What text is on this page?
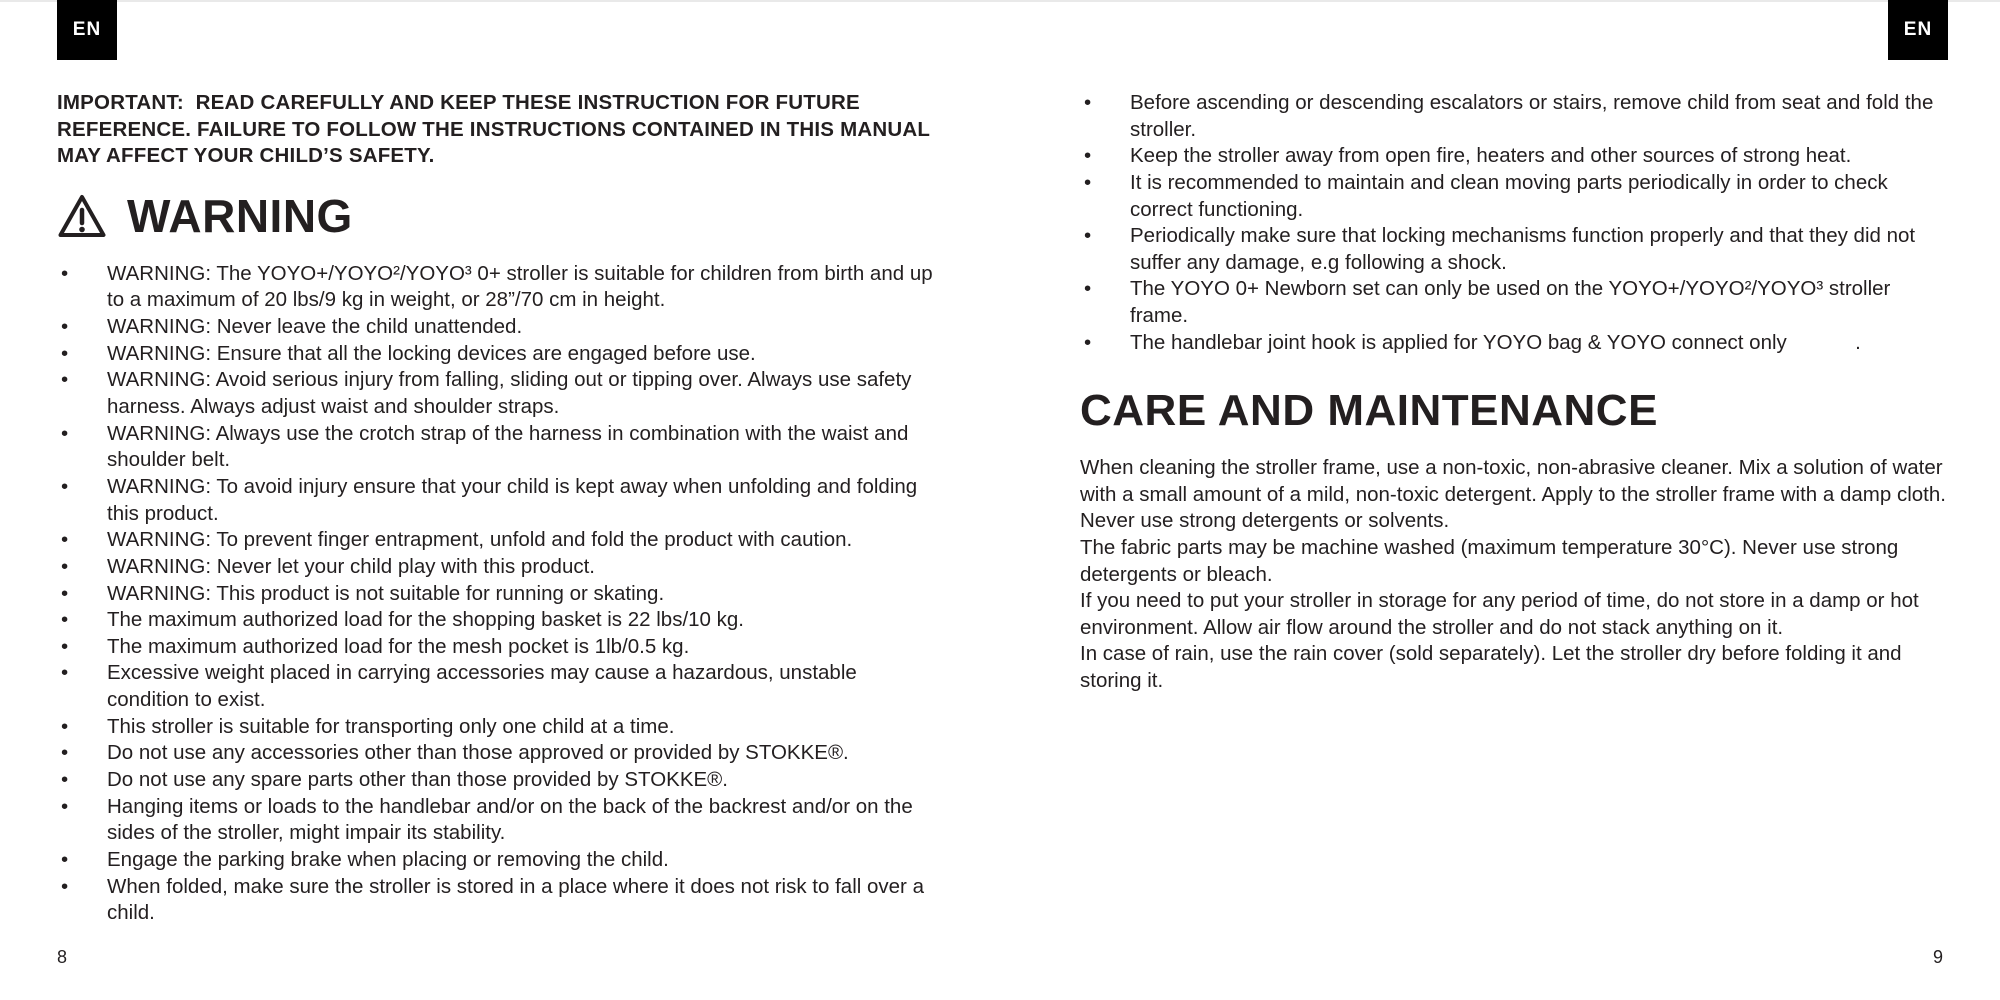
EN	EN

IMPORTANT:  READ CAREFULLY AND KEEP THESE INSTRUCTION FOR FUTURE REFERENCE. FAILURE TO FOLLOW THE INSTRUCTIONS CONTAINED IN THIS MANUAL MAY AFFECT YOUR CHILD’S SAFETY.

WARNING
• WARNING: The YOYO+/YOYO²/YOYO³ 0+ stroller is suitable for children from birth and up to a maximum of 20 lbs/9 kg in weight, or 28”/70 cm in height.
• WARNING: Never leave the child unattended.
• WARNING: Ensure that all the locking devices are engaged before use.
• WARNING: Avoid serious injury from falling, sliding out or tipping over. Always use safety harness. Always adjust waist and shoulder straps.
• WARNING: Always use the crotch strap of the harness in combination with the waist and shoulder belt.
• WARNING: To avoid injury ensure that your child is kept away when unfolding and folding this product.
• WARNING: To prevent finger entrapment, unfold and fold the product with caution.
• WARNING: Never let your child play with this product.
• WARNING: This product is not suitable for running or skating.
• The maximum authorized load for the shopping basket is 22 lbs/10 kg.
• The maximum authorized load for the mesh pocket is 1lb/0.5 kg.
• Excessive weight placed in carrying accessories may cause a hazardous, unstable condition to exist.
• This stroller is suitable for transporting only one child at a time.
• Do not use any accessories other than those approved or provided by STOKKE®.
• Do not use any spare parts other than those provided by STOKKE®.
• Hanging items or loads to the handlebar and/or on the back of the backrest and/or on the sides of the stroller, might impair its stability.
• Engage the parking brake when placing or removing the child.
• When folded, make sure the stroller is stored in a place where it does not risk to fall over a child.
• Before ascending or descending escalators or stairs, remove child from seat and fold the stroller.
• Keep the stroller away from open fire, heaters and other sources of strong heat.
• It is recommended to maintain and clean moving parts periodically in order to check correct functioning.
• Periodically make sure that locking mechanisms function properly and that they did not suffer any damage, e.g following a shock.
• The YOYO 0+ Newborn set can only be used on the YOYO+/YOYO²/YOYO³ stroller frame.
• The handlebar joint hook is applied for YOYO bag & YOYO connect only            .
CARE AND MAINTENANCE

When cleaning the stroller frame, use a non-toxic, non-abrasive cleaner. Mix a solution of water with a small amount of a mild, non-toxic detergent. Apply to the stroller frame with a damp cloth. Never use strong detergents or solvents.

The fabric parts may be machine washed (maximum temperature 30°C). Never use strong detergents or bleach.

If you need to put your stroller in storage for any period of time, do not store in a damp or hot environment. Allow air flow around the stroller and do not stack anything on it.

In case of rain, use the rain cover (sold separately). Let the stroller dry before folding it and storing it.

8	9
